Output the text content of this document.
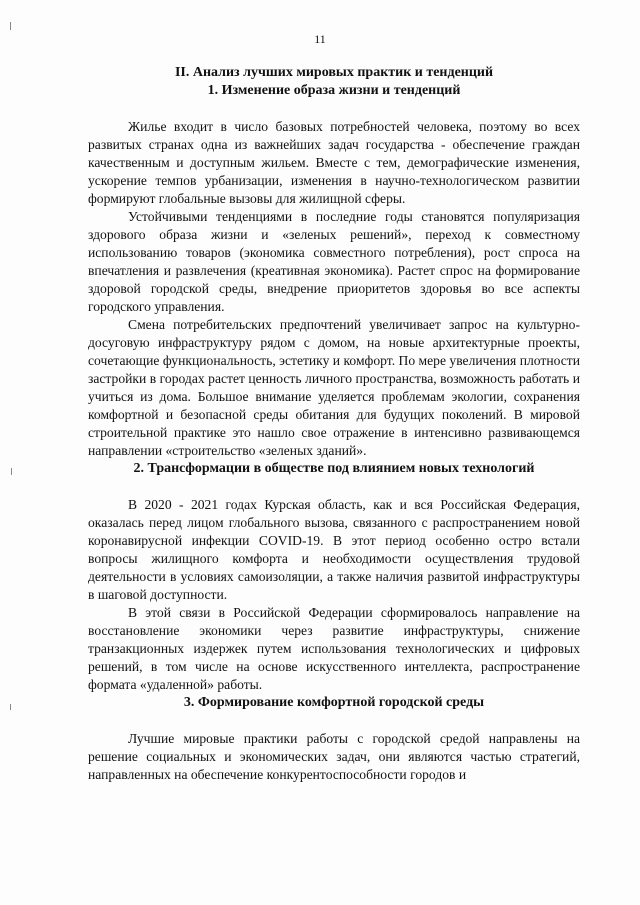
11
II. Анализ лучших мировых практик и тенденций
1. Изменение образа жизни и тенденций

Жилье входит в число базовых потребностей человека, поэтому во всех развитых странах одна из важнейших задач государства - обеспечение граждан качественным и доступным жильем. Вместе с тем, демографические изменения, ускорение темпов урбанизации, изменения в научно-технологическом развитии формируют глобальные вызовы для жилищной сферы.

Устойчивыми тенденциями в последние годы становятся популяризация здорового образа жизни и «зеленых решений», переход к совместному использованию товаров (экономика совместного потребления), рост спроса на впечатления и развлечения (креативная экономика). Растет спрос на формирование здоровой городской среды, внедрение приоритетов здоровья во все аспекты городского управления.

Смена потребительских предпочтений увеличивает запрос на культурно-досуговую инфраструктуру рядом с домом, на новые архитектурные проекты, сочетающие функциональность, эстетику и комфорт. По мере увеличения плотности застройки в городах растет ценность личного пространства, возможность работать и учиться из дома. Большое внимание уделяется проблемам экологии, сохранения комфортной и безопасной среды обитания для будущих поколений. В мировой строительной практике это нашло свое отражение в интенсивно развивающемся направлении «строительство «зеленых зданий».

2. Трансформации в обществе под влиянием новых технологий

В 2020 - 2021 годах Курская область, как и вся Российская Федерация, оказалась перед лицом глобального вызова, связанного с распространением новой коронавирусной инфекции COVID-19. В этот период особенно остро встали вопросы жилищного комфорта и необходимости осуществления трудовой деятельности в условиях самоизоляции, а также наличия развитой инфраструктуры в шаговой доступности.

В этой связи в Российской Федерации сформировалось направление на восстановление экономики через развитие инфраструктуры, снижение транзакционных издержек путем использования технологических и цифровых решений, в том числе на основе искусственного интеллекта, распространение формата «удаленной» работы.

3. Формирование комфортной городской среды

Лучшие мировые практики работы с городской средой направлены на решение социальных и экономических задач, они являются частью стратегий, направленных на обеспечение конкурентоспособности городов и
